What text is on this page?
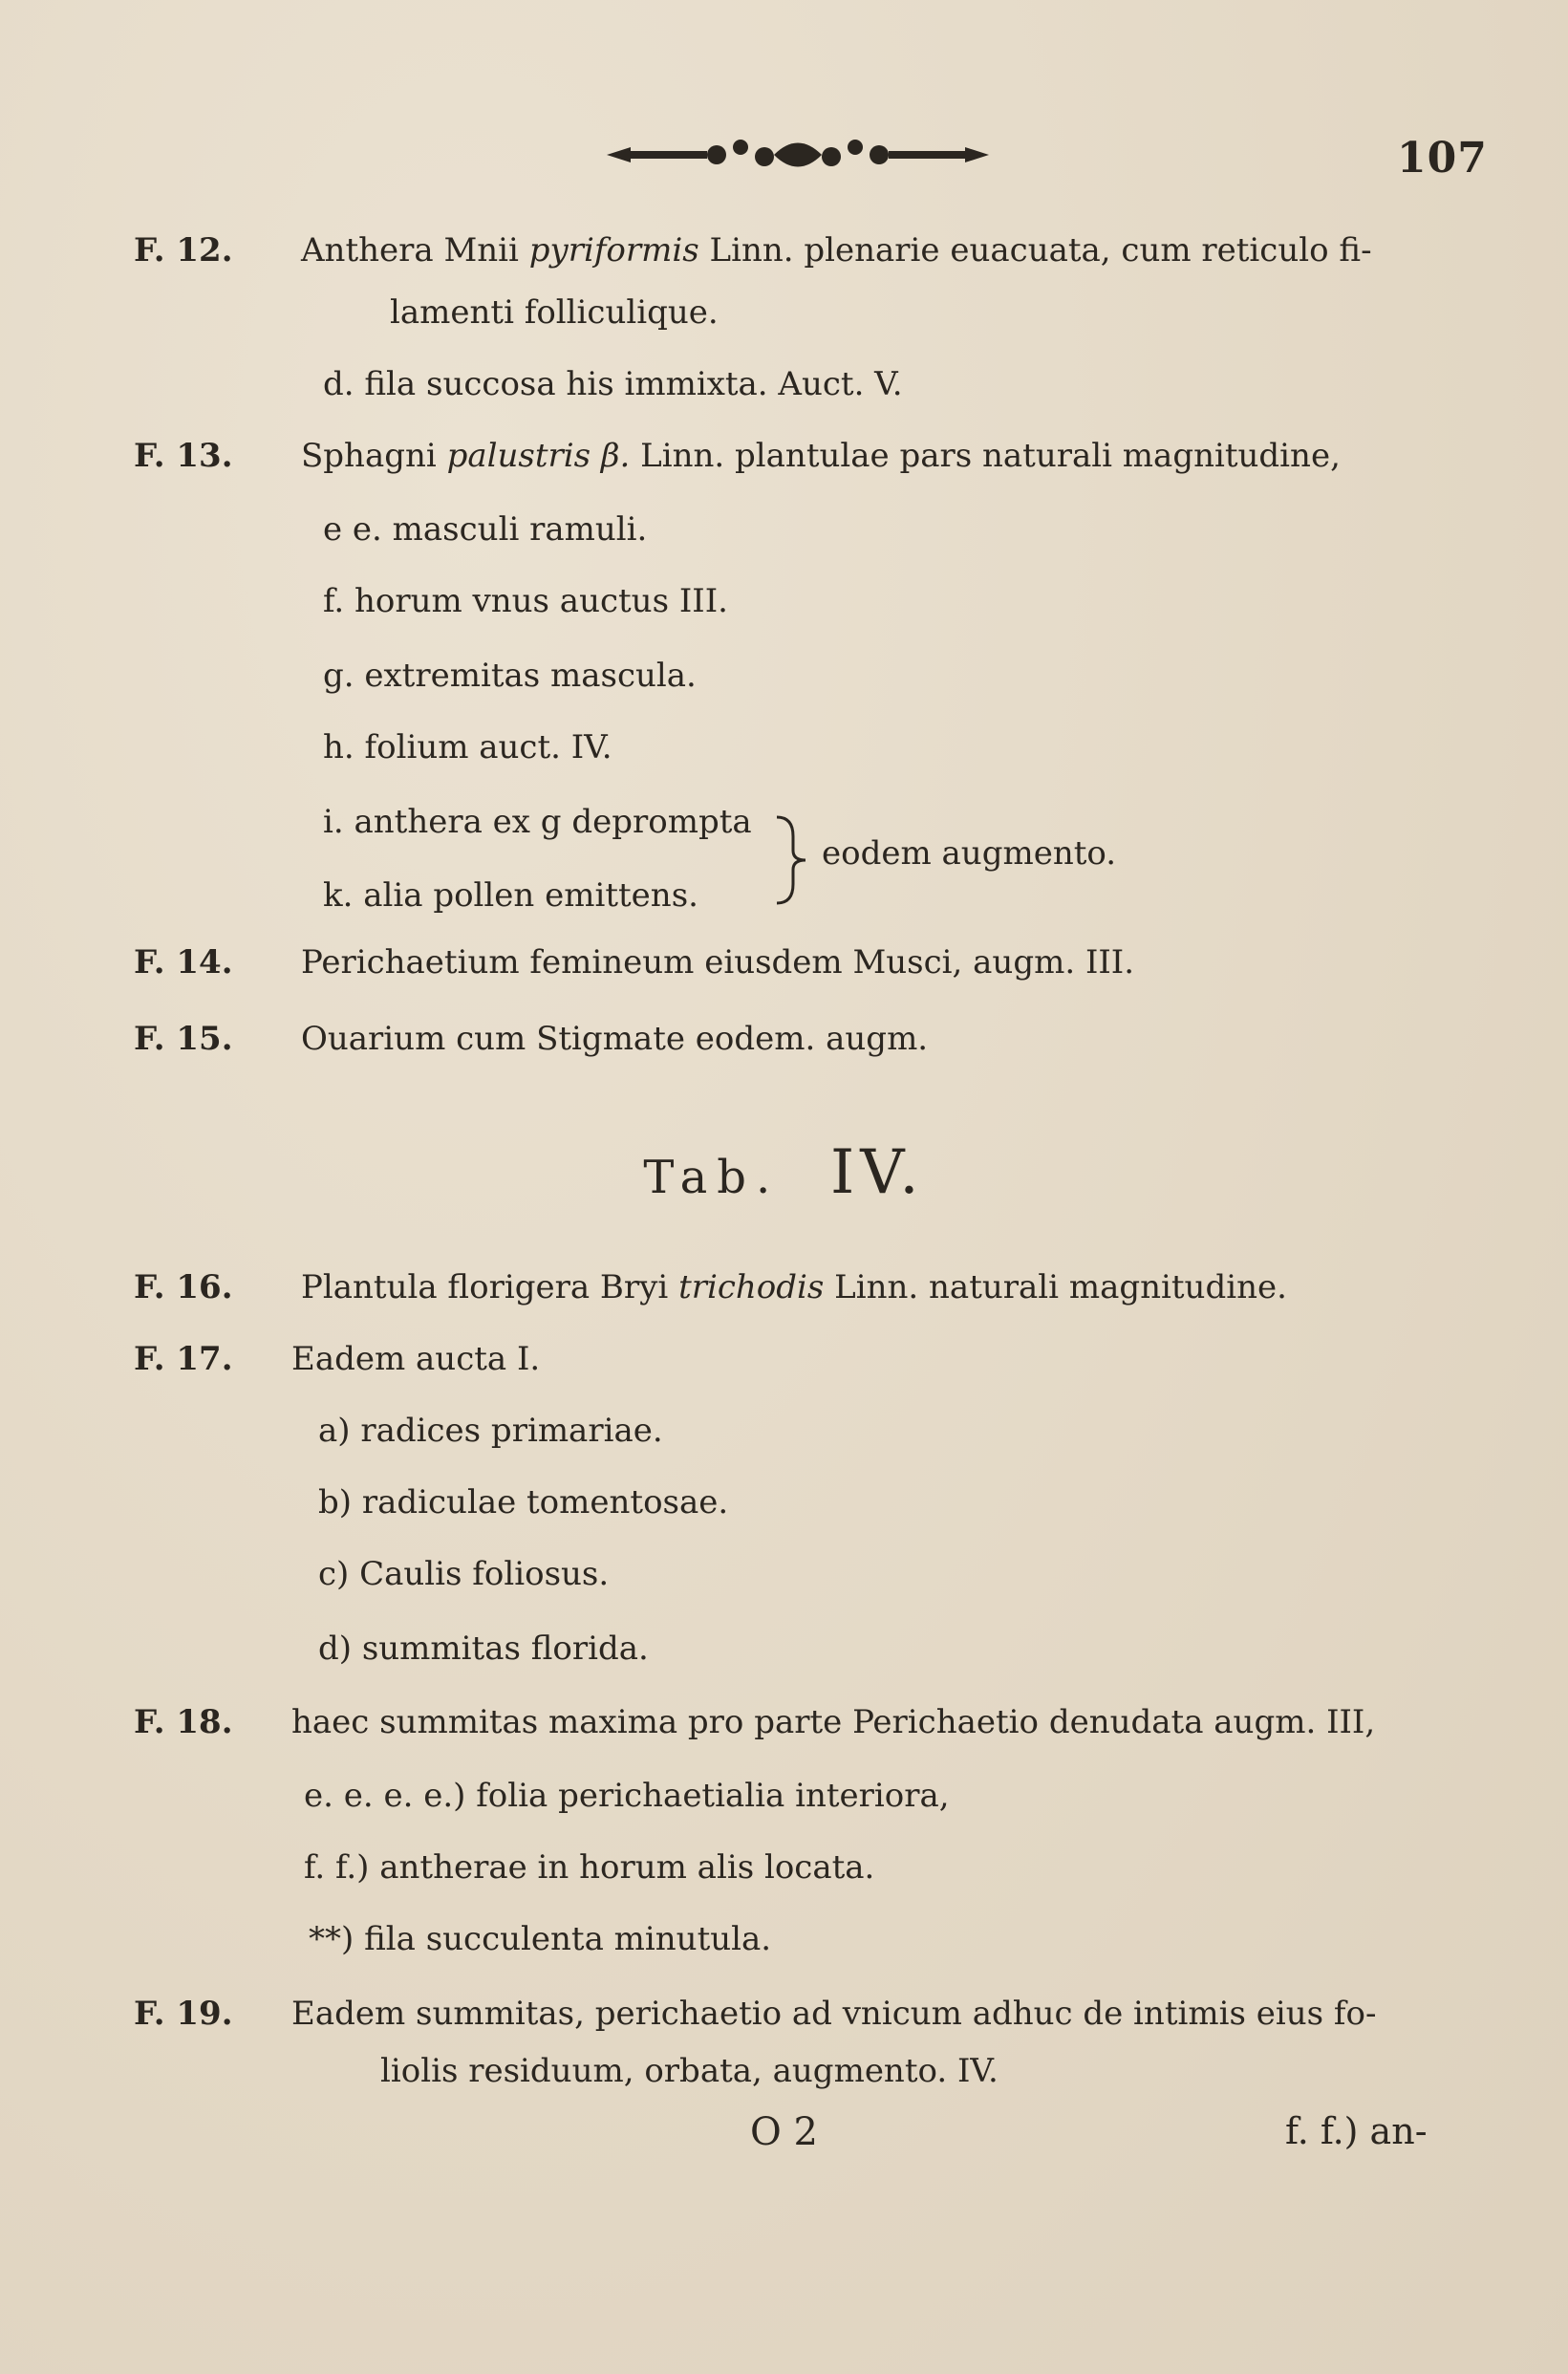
107
F. 12. Anthera Mnii pyriformis Linn. plenarie euacuata, cum reticulo fi-
lamenti folliculique.
d. fila succosa his immixta. Auct. V.
F. 13. Sphagni palustris β. Linn. plantulae pars naturali magnitudine,
e e. masculi ramuli.
f. horum vnus auctus III.
g. extremitas mascula.
h. folium auct. IV.
i. anthera ex g deprompta
k. alia pollen emittens.
eodem augmento.
F. 14. Perichaetium femineum eiusdem Musci, augm. III.
F. 15. Ouarium cum Stigmate eodem. augm.
Tab. IV.
F. 16. Plantula florigera Bryi trichodis Linn. naturali magnitudine.
F. 17. Eadem aucta I.
a) radices primariae.
b) radiculae tomentosae.
c) Caulis foliosus.
d) summitas florida.
F. 18. haec summitas maxima pro parte Perichaetio denudata augm. III,
e. e. e. e.) folia perichaetialia interiora,
f. f.) antherae in horum alis locata.
**) fila succulenta minutula.
F. 19. Eadem summitas, perichaetio ad vnicum adhuc de intimis eius fo-
liolis residuum, orbata, augmento. IV.
O 2	f. f.) an-
